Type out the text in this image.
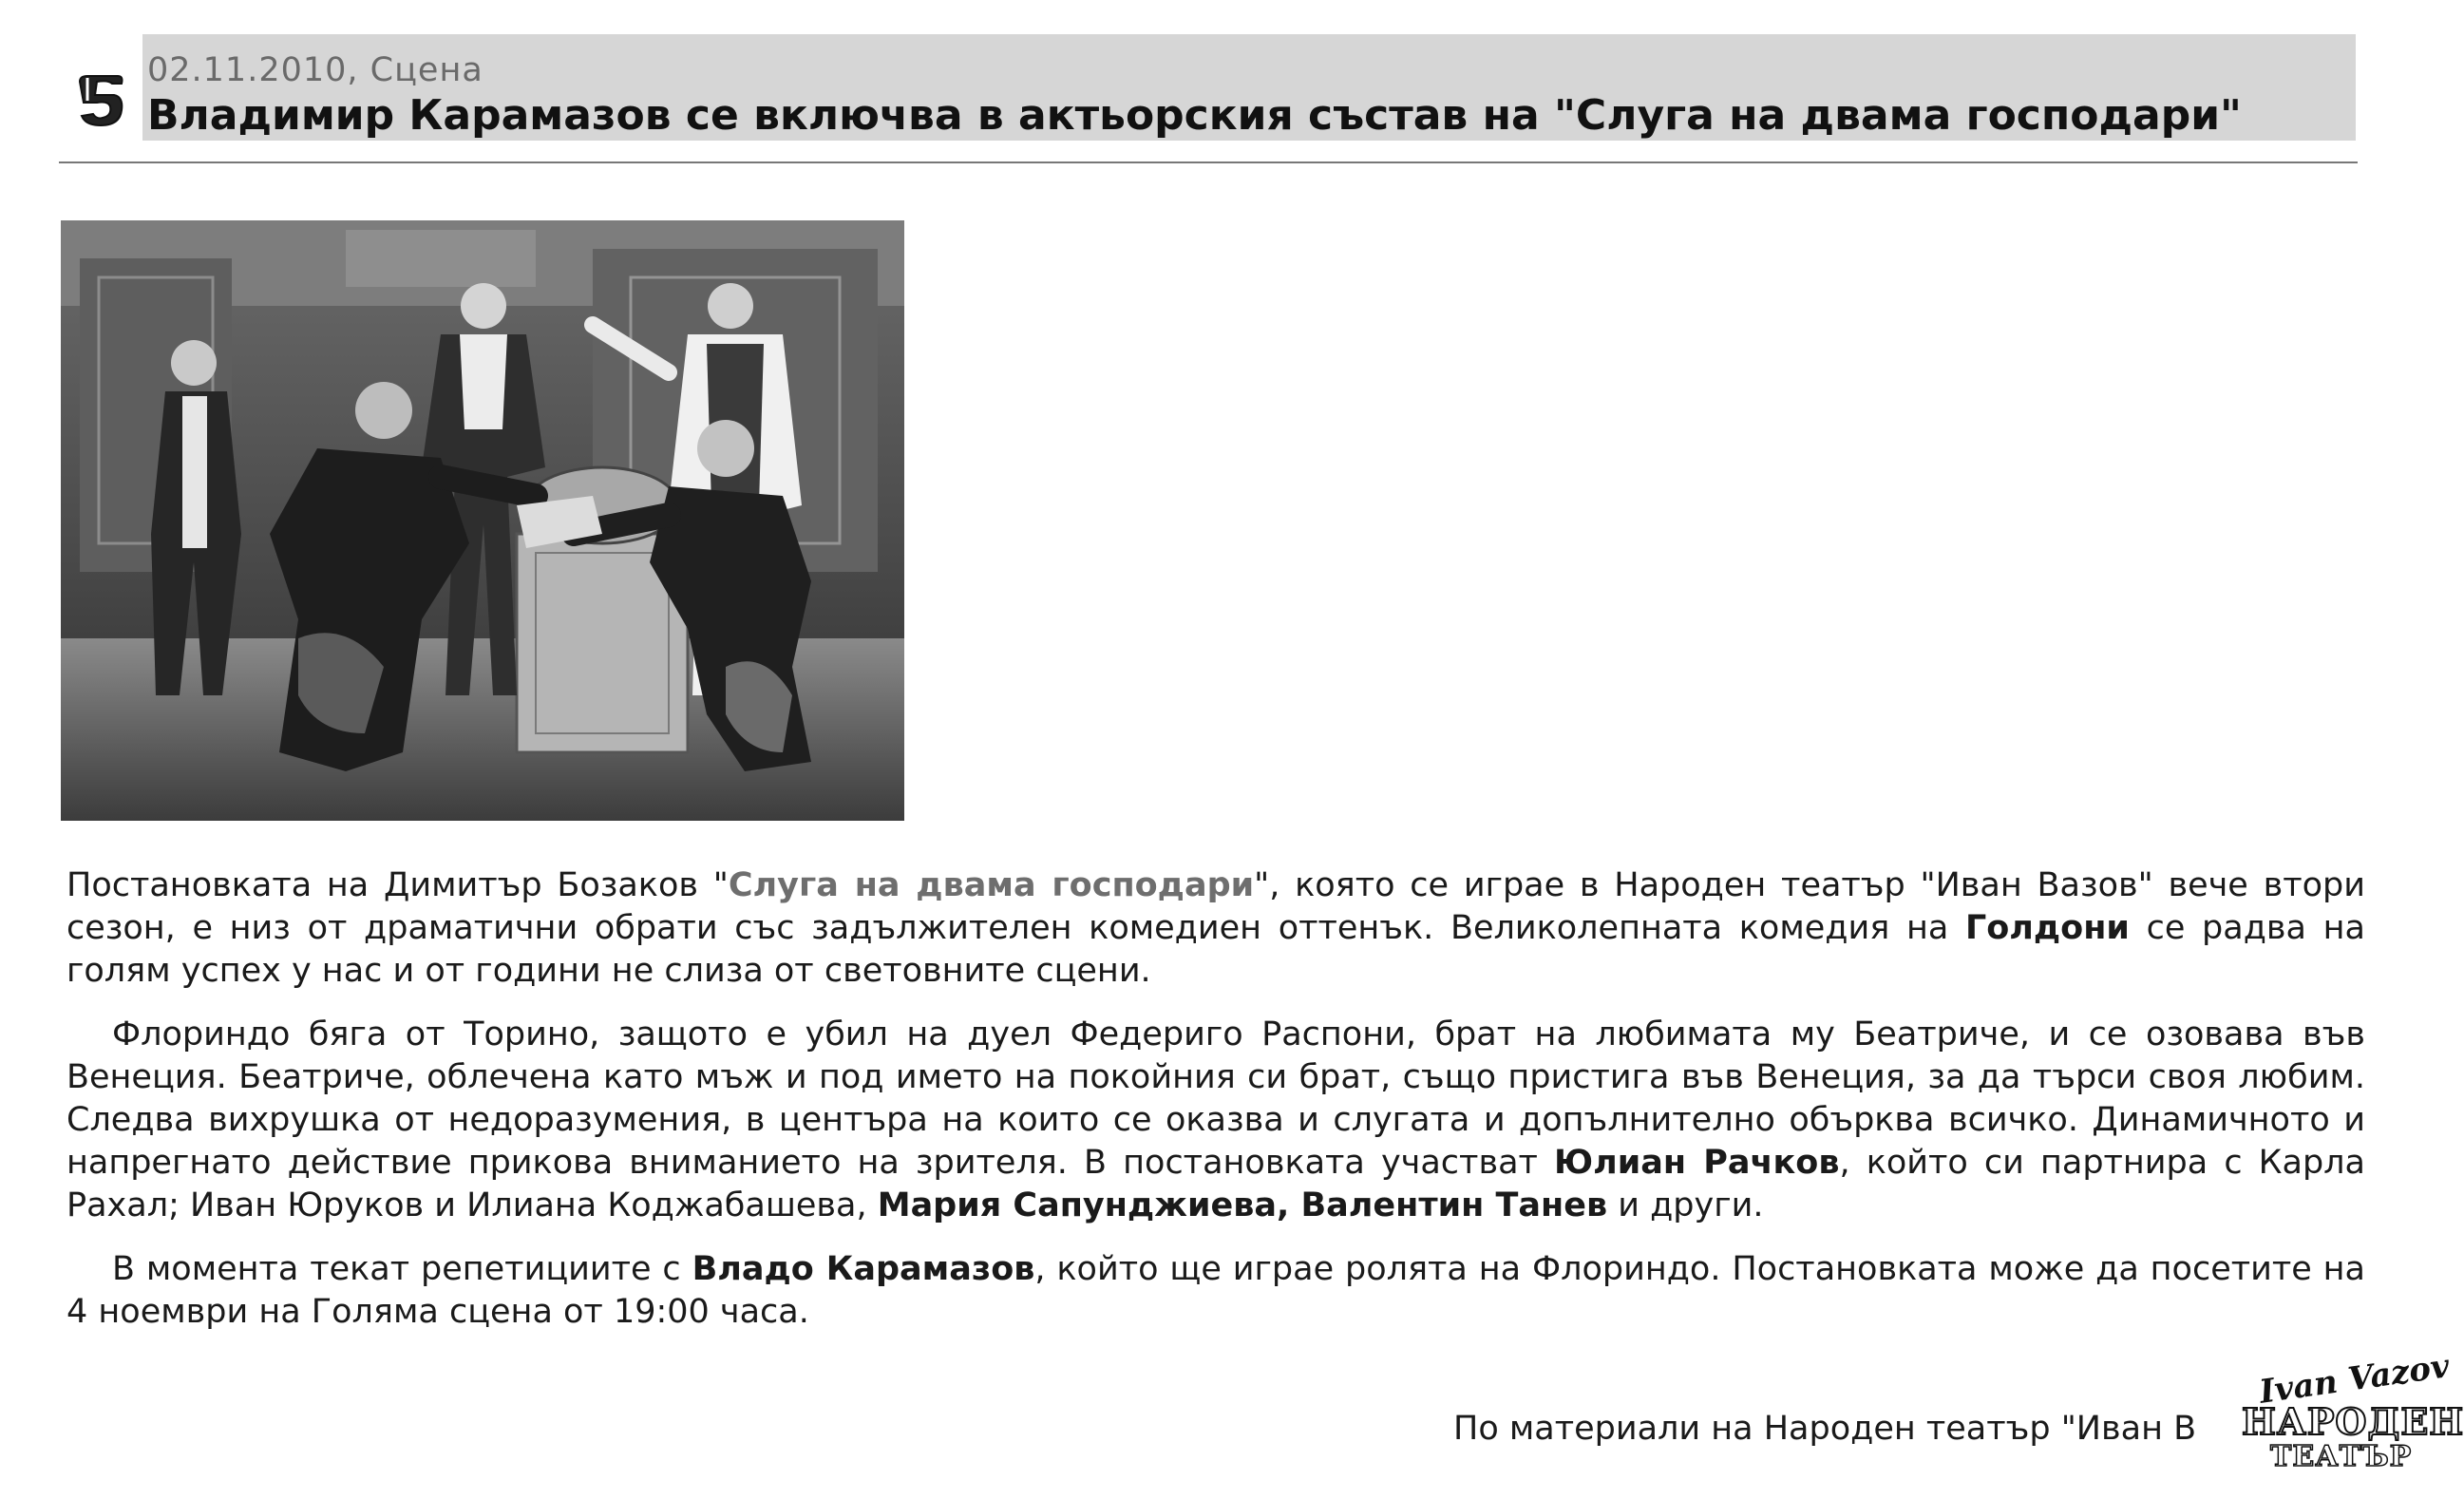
02.11.2010, Сцена
Владимир Карамазов се включва в актьорския състав на "Слуга на двама господари"

Постановката на Димитър Бозаков "Слуга на двама господари", която се играе в Народен театър "Иван Вазов" вече втори сезон, е низ от драматични обрати със задължителен комедиен оттенък. Великолепната комедия на Голдони се радва на голям успех у нас и от години не слиза от световните сцени.

Флориндо бяга от Торино, защото е убил на дуел Федериго Распони, брат на любимата му Беатриче, и се озовава във Венеция. Беатриче, облечена като мъж и под името на покойния си брат, също пристига във Венеция, за да търси своя любим. Следва вихрушка от недоразумения, в центъра на които се оказва и слугата и допълнително обърква всичко. Динамичното и напрегнато действие прикова вниманието на зрителя. В постановката участват Юлиан Рачков, който си партнира с Карла Рахал; Иван Юруков и Илиана Коджабашева, Мария Сапунджиева, Валентин Танев и други.

В момента текат репетициите с Владо Карамазов, който ще играе ролята на Флориндо. Постановката може да посетите на 4 ноември на Голяма сцена от 19:00 часа.

По материали на Народен театър "Иван В
Ivan Vazov
НАРОДЕН
ТЕАТЪР
